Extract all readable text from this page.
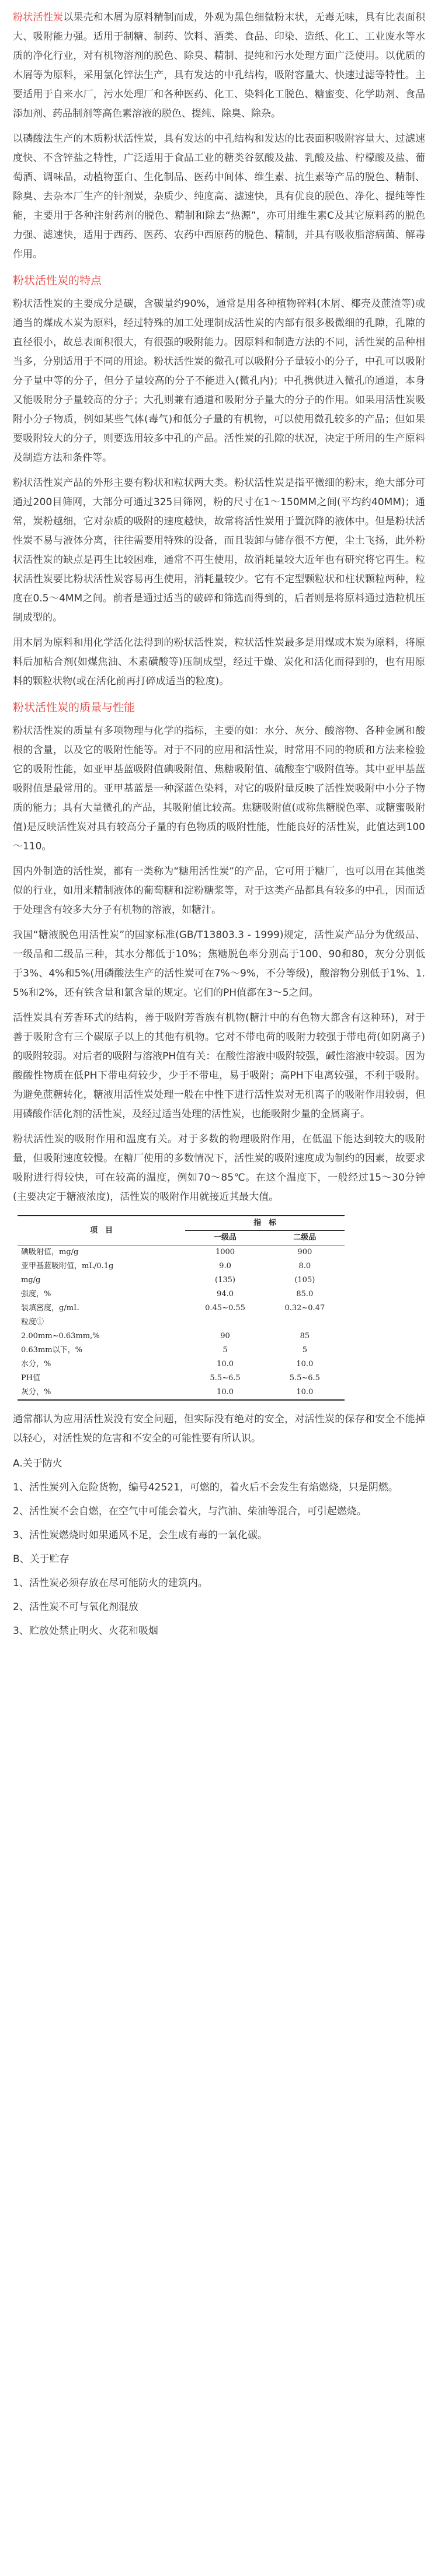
粉状活性炭以果壳和木屑为原料精制而成，外观为黑色细微粉末状，无毒无味，具有比表面积大、吸附能力强。适用于制糖、制药、饮料、酒类、食品、印染、造纸、化工、工业废水等水质的净化行业，对有机物溶剂的脱色、除臭、精制、提纯和污水处理方面广泛使用。以优质的木屑等为原料，采用氯化锌法生产，具有发达的中孔结构，吸附容量大、快速过滤等特性。主要适用于自来水厂，污水处理厂和各种医药、化工、染料化工脱色、糖蜜变、化学助剂、食品添加剂、药品制剂等高色素溶液的脱色、提纯、除臭、除杂。

以磷酸法生产的木质粉状活性炭，具有发达的中孔结构和发达的比表面积吸附容量大、过滤速度快、不含锌盐之特性，广泛适用于食品工业的糖类谷氨酸及盐、乳酸及盐、柠檬酸及盐、葡萄酒、调味品，动植物蛋白、生化制品、医药中间体、维生素、抗生素等产品的脱色、精制、除臭、去杂本厂生产的针剂炭，杂质少、纯度高、滤速快，具有优良的脱色、净化、提纯等性能，主要用于各种注射药剂的脱色、精制和除去“热源”，亦可用维生素C及其它原料药的脱色力强、滤速快，适用于西药、医药、农药中西原药的脱色、精制，并具有吸收脂溶病菌、解毒作用。

粉状活性炭的特点

粉状活性炭的主要成分是碳，含碳量约90%，通常是用各种植物碎料(木屑、椰壳及蔗渣等)或通当的煤成木炭为原料，经过特殊的加工处理制成活性炭的内部有很多极微细的孔隙，孔隙的直径很小，故总表面积很大，有很强的吸附能力。因原料和制造方法的不同，活性炭的品种相当多，分别适用于不同的用途。粉状活性炭的微孔可以吸附分子量较小的分子，中孔可以吸附分子量中等的分子，但分子量较高的分子不能进入(微孔内)；中孔携供进入微孔的通道，本身又能吸附分子量较高的分子；大孔则兼有通道和吸附分子量大的分子的作用。如果用活性炭吸附小分子物质，例如某些气体(毒气)和低分子量的有机物，可以使用微孔较多的产品；但如果要吸附较大的分子，则要选用较多中孔的产品。活性炭的孔隙的状况，决定于所用的生产原料及制造方法和条件等。

粉状活性炭产品的外形主要有粉状和粒状两大类。粉状活性炭是指平微细的粉末，绝大部分可通过200目筛网，大部分可通过325目筛网，粉的尺寸在1～150MM之间(平均约40MM)；通常，炭粉越细，它对杂质的吸附的速度越快，故常将活性炭用于置沉降的液体中。但是粉状活性炭不易与液体分离，往往需要用特殊的设备，而且装卸与储存很不方便，尘土飞扬，此外粉状活性炭的缺点是再生比较困难，通常不再生使用，故消耗量较大近年也有研究将它再生。粒状活性炭要比粉状活性炭容易再生使用，消耗量较少。它有不定型颗粒状和柱状颗粒两种，粒度在0.5～4MM之间。前者是通过适当的破碎和筛选而得到的，后者则是将原料通过造粒机压制成型的。

用木屑为原料和用化学活化法得到的粉状活性炭，粒状活性炭最多是用煤或木炭为原料，将原料后加粘合剂(如煤焦油、木素磺酸等)压制成型，经过干燥、炭化和活化而得到的，也有用原料的颗粒状物(或在活化前再打碎成适当的粒度)。

粉状活性炭的质量与性能

粉状活性炭的质量有多项物理与化学的指标，主要的如：水分、灰分、酸溶物、各种金属和酸根的含量，以及它的吸附性能等。对于不同的应用和活性炭，时常用不同的物质和方法来检验它的吸附性能，如亚甲基蓝吸附值碘吸附值、焦糖吸附值、硫酸奎宁吸附值等。其中亚甲基蓝吸附值是最常用的。亚甲基蓝是一种深蓝色染料，对它的吸附量反映了活性炭吸附中小分子物质的能力；具有大量微孔的产品，其吸附值比较高。焦糖吸附值(或称焦糖脱色率、或糖蜜吸附值)是反映活性炭对具有较高分子量的有色物质的吸附性能，性能良好的活性炭，此值达到100～110。

国内外制造的活性炭，都有一类称为“糖用活性炭”的产品，它可用于糖厂，也可以用在其他类似的行业，如用来精制液体的葡萄糖和淀粉糖浆等，对于这类产品都具有较多的中孔，因而适于处理含有较多大分子有机物的溶液，如糖汁。

我国“糖液脱色用活性炭”的国家标准(GB/T13803.3 - 1999)规定，活性炭产品分为优级品、一级品和二级品三种，其水分都低于10%；焦糖脱色率分别高于100、90和80，灰分分别低于3%、4%和5%(用磷酸法生产的活性炭可在7%～9%，不分等级)，酸溶物分别低于1%、1.5%和2%，还有铁含量和氯含量的规定。它们的PH值都在3～5之间。

活性炭具有芳香环式的结构，善于吸附芳香族有机物(糖汁中的有色物大都含有这种环)，对于善于吸附含有三个碳原子以上的其他有机物。它对不带电荷的吸附力较强于带电荷(如阴离子)的吸附较弱。对后者的吸附与溶液PH值有关：在酸性溶液中吸附较强，碱性溶液中较弱。因为酸酸性物质在低PH下带电荷较少，少于不带电，易于吸附；高PH下电离较强，不利于吸附。为避免蔗糖转化，糖液用活性炭处理一般在中性下进行活性炭对无机离子的吸附作用较弱，但用磷酸作活化剂的活性炭，及经过适当处理的活性炭，也能吸附少量的金属离子。

粉状活性炭的吸附作用和温度有关。对于多数的物理吸附作用，在低温下能达到较大的吸附量，但吸附速度较慢。在糖厂使用的多数情况下，活性炭的吸附速度成为制约的因素，故要求吸附进行得较快，可在较高的温度，例如70～85℃。在这个温度下，一般经过15～30分钟(主要决定于糖液浓度)，活性炭的吸附作用就接近其最大值。

项　目	指　标	
	一级品	二级品
碘吸附值，mg/g	1000	900
亚甲基蓝吸附值，mL/0.1g	9.0	8.0
mg/g	(135)	(105)
强度，%	94.0	85.0
装填密度，g/mL	0.45~0.55	0.32~0.47
粒度①		
2.00mm~0.63mm,%	90	85
0.63mm以下，%	5	5
水分，%	10.0	10.0
PH值	5.5~6.5	5.5~6.5
灰分，%	10.0	10.0

通常都认为应用活性炭没有安全问题，但实际没有绝对的安全，对活性炭的保存和安全不能掉以轻心，对活性炭的危害和不安全的可能性要有所认识。

A.关于防火

1、活性炭列入危险货物，编号42521，可燃的，着火后不会发生有焰燃烧，只是阴燃。

2、活性炭不会自燃，在空气中可能会着火，与汽油、柴油等混合，可引起燃烧。

3、活性炭燃烧时如果通风不足，会生成有毒的一氧化碳。

B、关于贮存

1、活性炭必须存放在尽可能防火的建筑内。

2、活性炭不可与氧化剂混放

3、贮放处禁止明火、火花和吸烟
